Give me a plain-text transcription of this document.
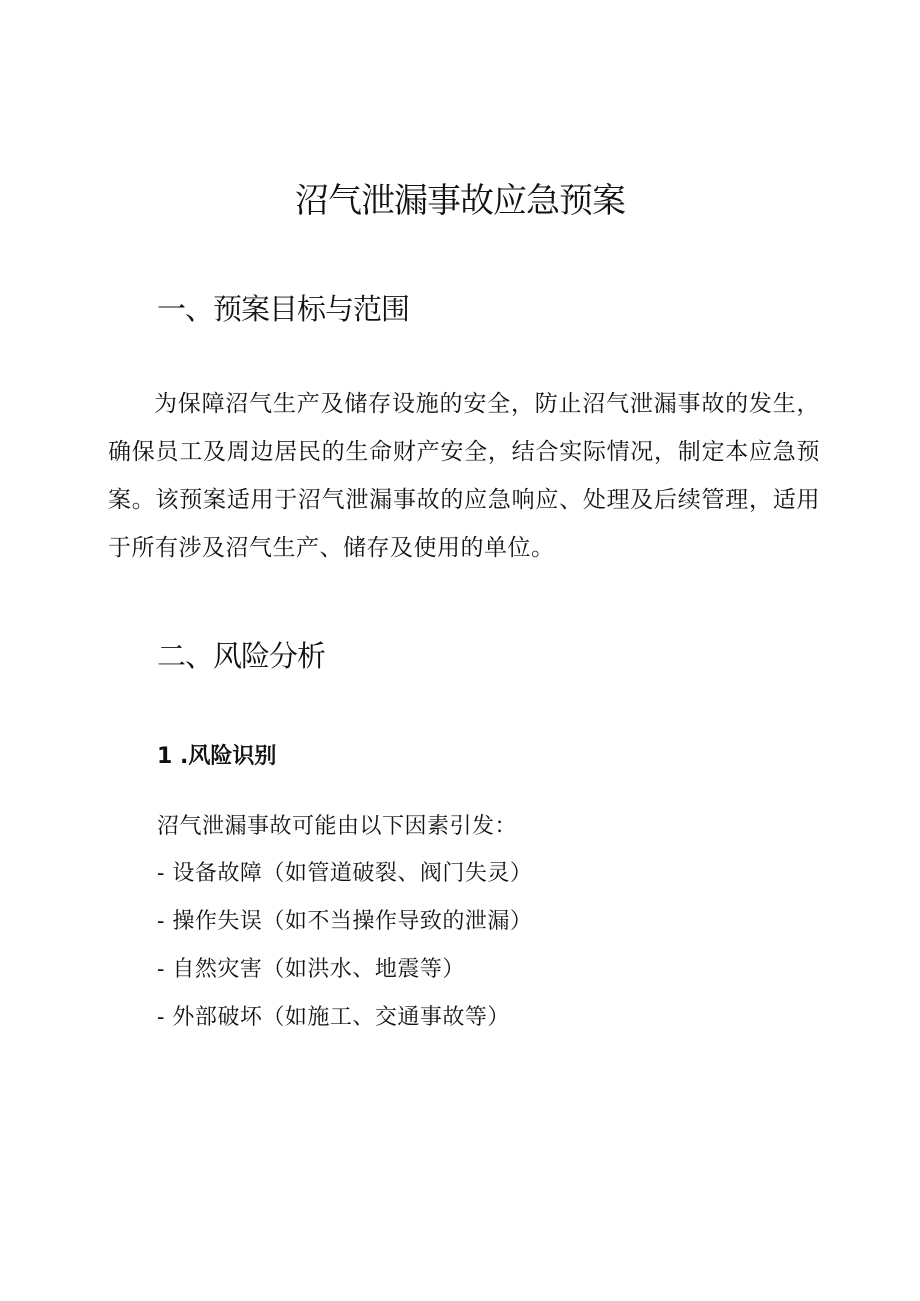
沼气泄漏事故应急预案
一、预案目标与范围

为保障沼气生产及储存设施的安全，防止沼气泄漏事故的发生，确保员工及周边居民的生命财产安全，结合实际情况，制定本应急预案。该预案适用于沼气泄漏事故的应急响应、处理及后续管理，适用于所有涉及沼气生产、储存及使用的单位。

二、风险分析
1 .风险识别

沼气泄漏事故可能由以下因素引发：

- 设备故障（如管道破裂、阀门失灵）
- 操作失误（如不当操作导致的泄漏）
- 自然灾害（如洪水、地震等）
- 外部破坏（如施工、交通事故等）
